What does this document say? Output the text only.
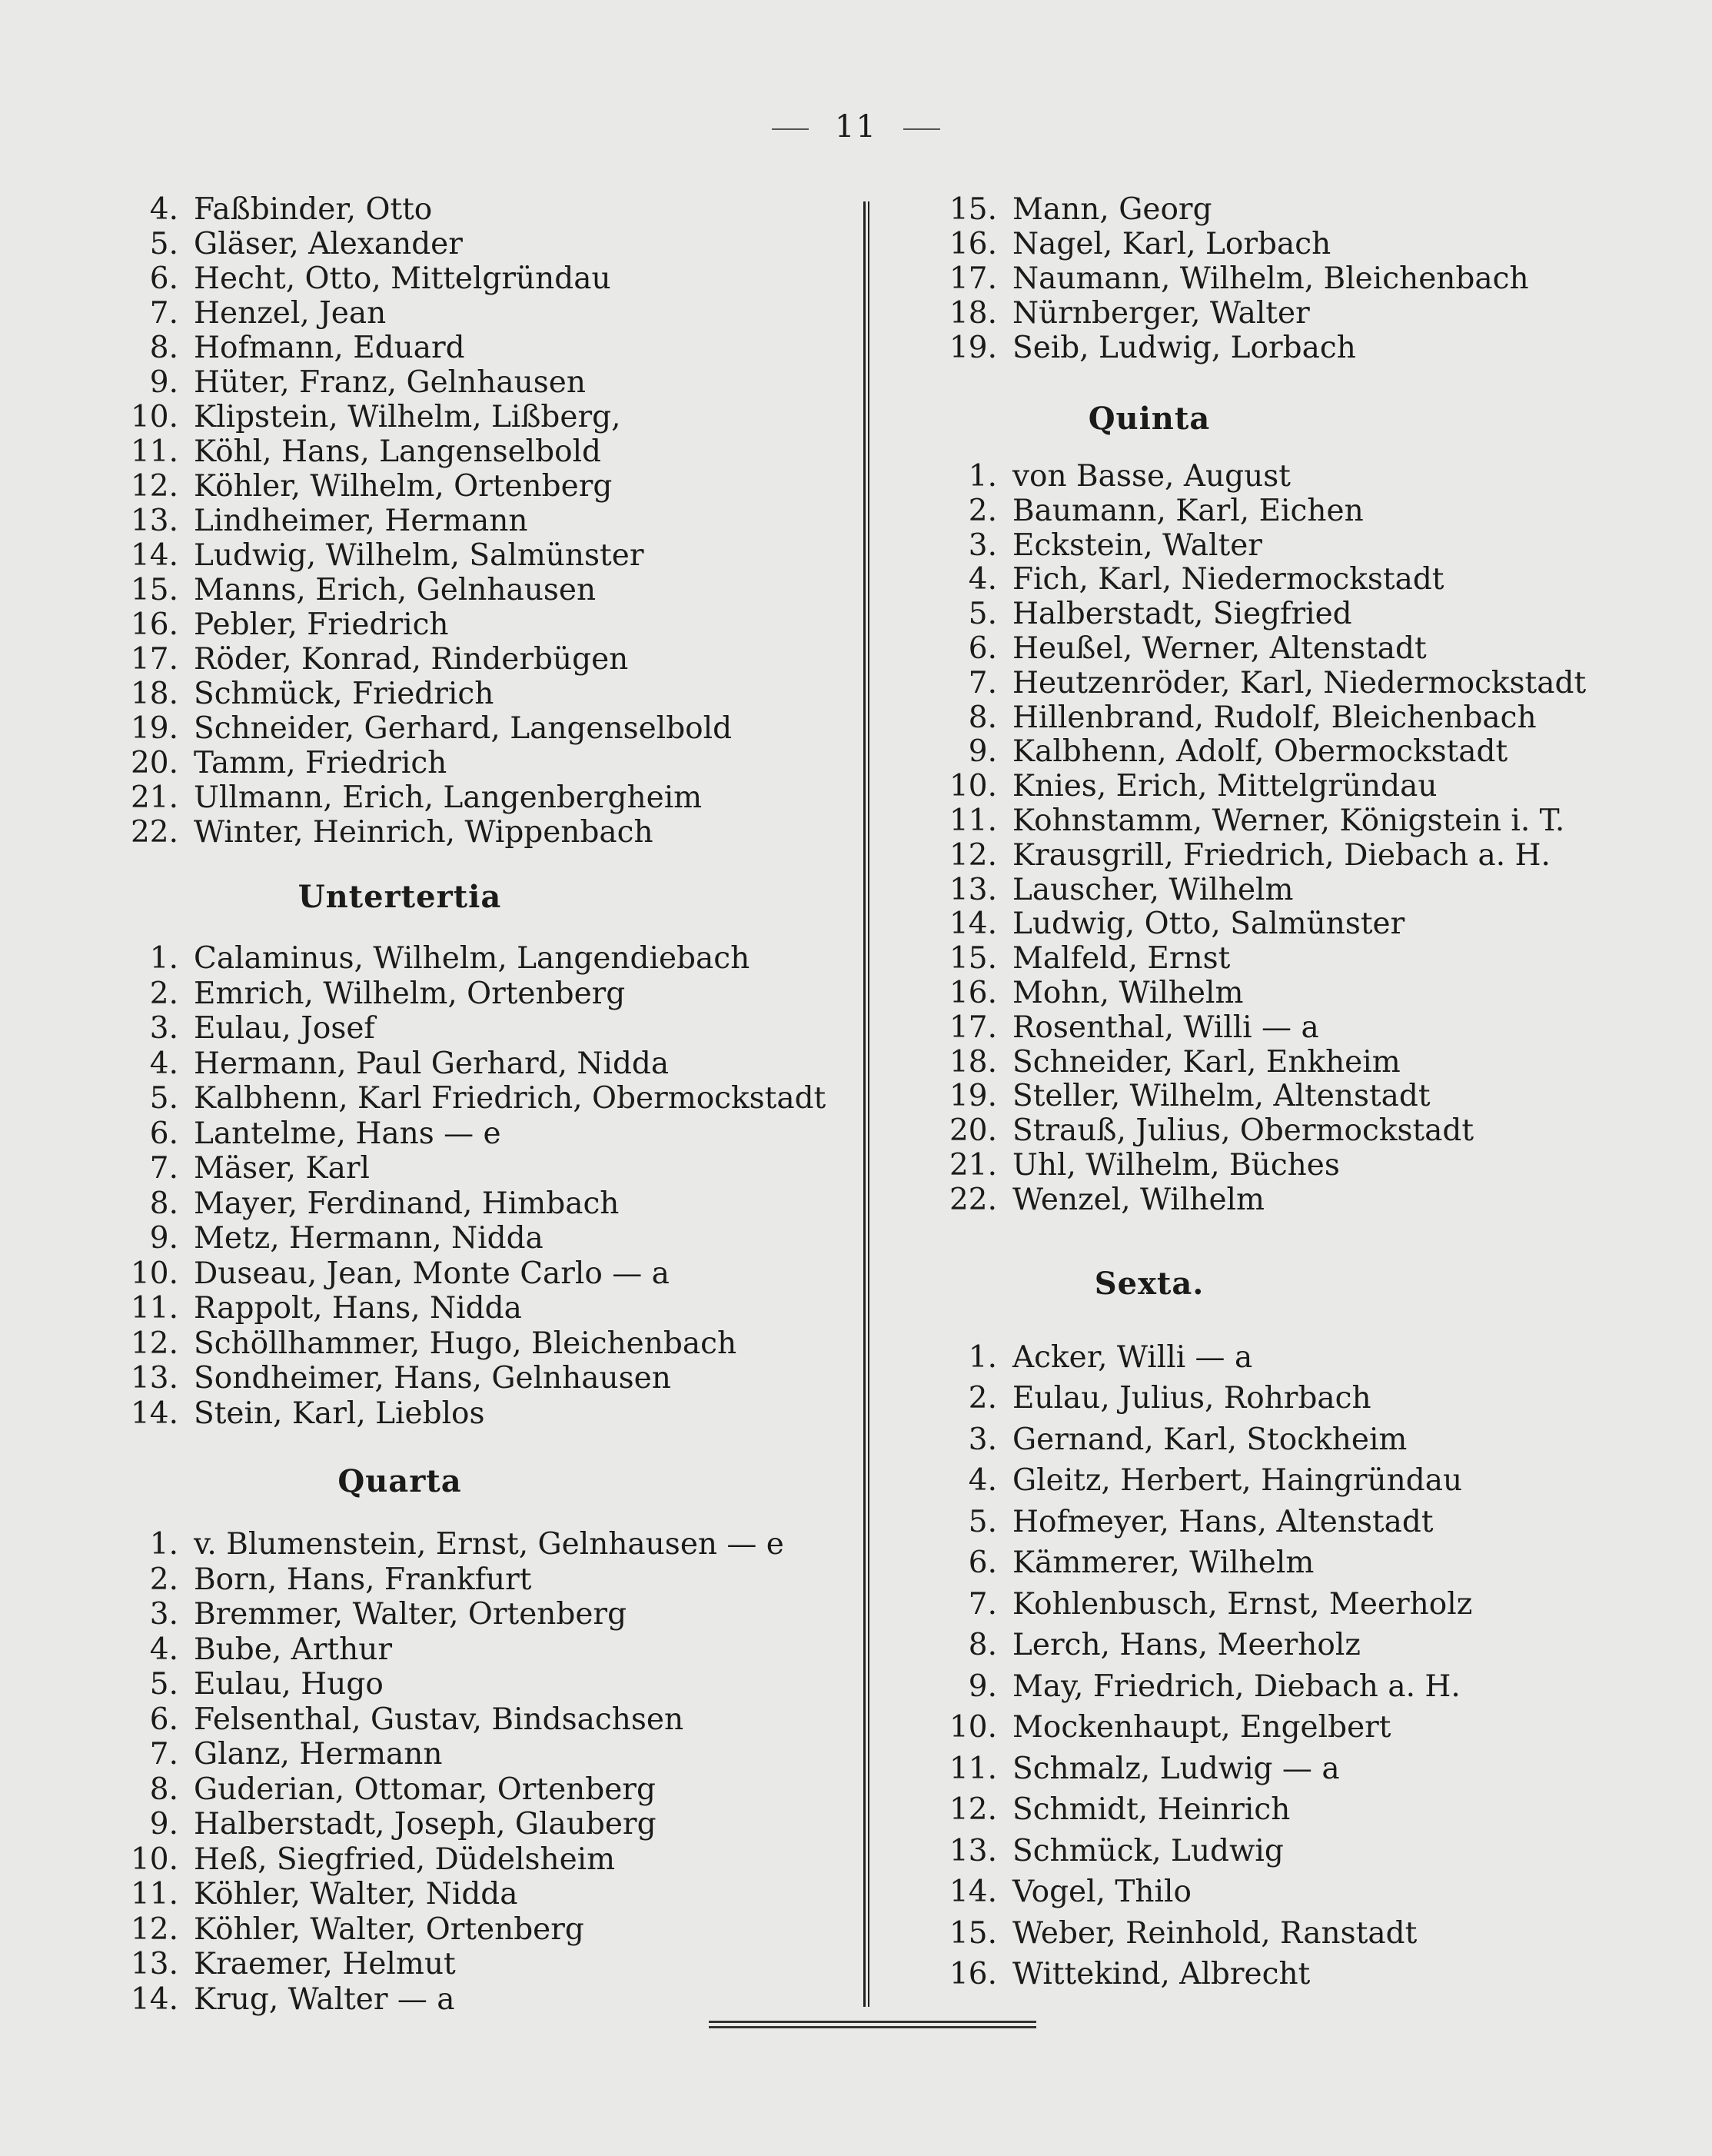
11
4. Faßbinder, Otto
5. Gläser, Alexander
6. Hecht, Otto, Mittelgründau
7. Henzel, Jean
8. Hofmann, Eduard
9. Hüter, Franz, Gelnhausen
10. Klipstein, Wilhelm, Lißberg,
11. Köhl, Hans, Langenselbold
12. Köhler, Wilhelm, Ortenberg
13. Lindheimer, Hermann
14. Ludwig, Wilhelm, Salmünster
15. Manns, Erich, Gelnhausen
16. Pebler, Friedrich
17. Röder, Konrad, Rinderbügen
18. Schmück, Friedrich
19. Schneider, Gerhard, Langenselbold
20. Tamm, Friedrich
21. Ullmann, Erich, Langenbergheim
22. Winter, Heinrich, Wippenbach
Untertertia
1. Calaminus, Wilhelm, Langendiebach
2. Emrich, Wilhelm, Ortenberg
3. Eulau, Josef
4. Hermann, Paul Gerhard, Nidda
5. Kalbhenn, Karl Friedrich, Obermockstadt
6. Lantelme, Hans — e
7. Mäser, Karl
8. Mayer, Ferdinand, Himbach
9. Metz, Hermann, Nidda
10. Duseau, Jean, Monte Carlo — a
11. Rappolt, Hans, Nidda
12. Schöllhammer, Hugo, Bleichenbach
13. Sondheimer, Hans, Gelnhausen
14. Stein, Karl, Lieblos
Quarta
1. v. Blumenstein, Ernst, Gelnhausen — e
2. Born, Hans, Frankfurt
3. Bremmer, Walter, Ortenberg
4. Bube, Arthur
5. Eulau, Hugo
6. Felsenthal, Gustav, Bindsachsen
7. Glanz, Hermann
8. Guderian, Ottomar, Ortenberg
9. Halberstadt, Joseph, Glauberg
10. Heß, Siegfried, Düdelsheim
11. Köhler, Walter, Nidda
12. Köhler, Walter, Ortenberg
13. Kraemer, Helmut
14. Krug, Walter — a
15. Mann, Georg
16. Nagel, Karl, Lorbach
17. Naumann, Wilhelm, Bleichenbach
18. Nürnberger, Walter
19. Seib, Ludwig, Lorbach
Quinta
1. von Basse, August
2. Baumann, Karl, Eichen
3. Eckstein, Walter
4. Fich, Karl, Niedermockstadt
5. Halberstadt, Siegfried
6. Heußel, Werner, Altenstadt
7. Heutzenröder, Karl, Niedermockstadt
8. Hillenbrand, Rudolf, Bleichenbach
9. Kalbhenn, Adolf, Obermockstadt
10. Knies, Erich, Mittelgründau
11. Kohnstamm, Werner, Königstein i. T.
12. Krausgrill, Friedrich, Diebach a. H.
13. Lauscher, Wilhelm
14. Ludwig, Otto, Salmünster
15. Malfeld, Ernst
16. Mohn, Wilhelm
17. Rosenthal, Willi — a
18. Schneider, Karl, Enkheim
19. Steller, Wilhelm, Altenstadt
20. Strauß, Julius, Obermockstadt
21. Uhl, Wilhelm, Büches
22. Wenzel, Wilhelm
Sexta.
1. Acker, Willi — a
2. Eulau, Julius, Rohrbach
3. Gernand, Karl, Stockheim
4. Gleitz, Herbert, Haingründau
5. Hofmeyer, Hans, Altenstadt
6. Kämmerer, Wilhelm
7. Kohlenbusch, Ernst, Meerholz
8. Lerch, Hans, Meerholz
9. May, Friedrich, Diebach a. H.
10. Mockenhaupt, Engelbert
11. Schmalz, Ludwig — a
12. Schmidt, Heinrich
13. Schmück, Ludwig
14. Vogel, Thilo
15. Weber, Reinhold, Ranstadt
16. Wittekind, Albrecht
